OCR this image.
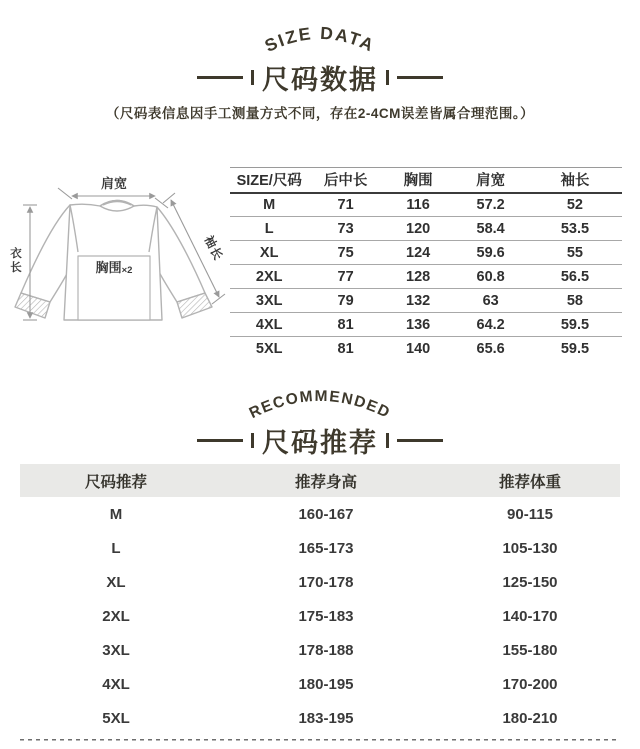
SIZE DATA
尺码数据
（尺码表信息因手工测量方式不同，存在2-4CM误差皆属合理范围。）
肩宽
衣
长	胸围×2
袖长
SIZE/尺码	后中长	胸围	肩宽	袖长
M	71	116	57.2	52
L	73	120	58.4	53.5
XL	75	124	59.6	55
2XL	77	128	60.8	56.5
3XL	79	132	63	58
4XL	81	136	64.2	59.5
5XL	81	140	65.6	59.5
RECOMMENDED
尺码推荐
尺码推荐	推荐身高	推荐体重
M	160-167	90-115
L	165-173	105-130
XL	170-178	125-150
2XL	175-183	140-170
3XL	178-188	155-180
4XL	180-195	170-200
5XL	183-195	180-210
